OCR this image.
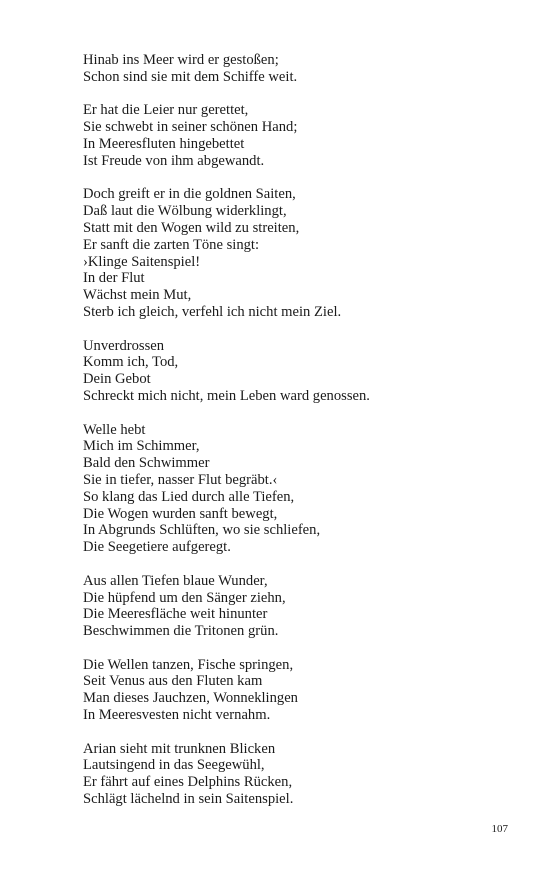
Hinab ins Meer wird er gestoßen;
Schon sind sie mit dem Schiffe weit.
Er hat die Leier nur gerettet,
Sie schwebt in seiner schönen Hand;
In Meeresfluten hingebettet
Ist Freude von ihm abgewandt.
Doch greift er in die goldnen Saiten,
Daß laut die Wölbung widerklingt,
Statt mit den Wogen wild zu streiten,
Er sanft die zarten Töne singt:
›Klinge Saitenspiel!
In der Flut
Wächst mein Mut,
Sterb ich gleich, verfehl ich nicht mein Ziel.
Unverdrossen
Komm ich, Tod,
Dein Gebot
Schreckt mich nicht, mein Leben ward genossen.
Welle hebt
Mich im Schimmer,
Bald den Schwimmer
Sie in tiefer, nasser Flut begräbt.‹
So klang das Lied durch alle Tiefen,
Die Wogen wurden sanft bewegt,
In Abgrunds Schlüften, wo sie schliefen,
Die Seegetiere aufgeregt.
Aus allen Tiefen blaue Wunder,
Die hüpfend um den Sänger ziehn,
Die Meeresfläche weit hinunter
Beschwimmen die Tritonen grün.
Die Wellen tanzen, Fische springen,
Seit Venus aus den Fluten kam
Man dieses Jauchzen, Wonneklingen
In Meeresvesten nicht vernahm.
Arian sieht mit trunknen Blicken
Lautsingend in das Seegewühl,
Er fährt auf eines Delphins Rücken,
Schlägt lächelnd in sein Saitenspiel.
107
